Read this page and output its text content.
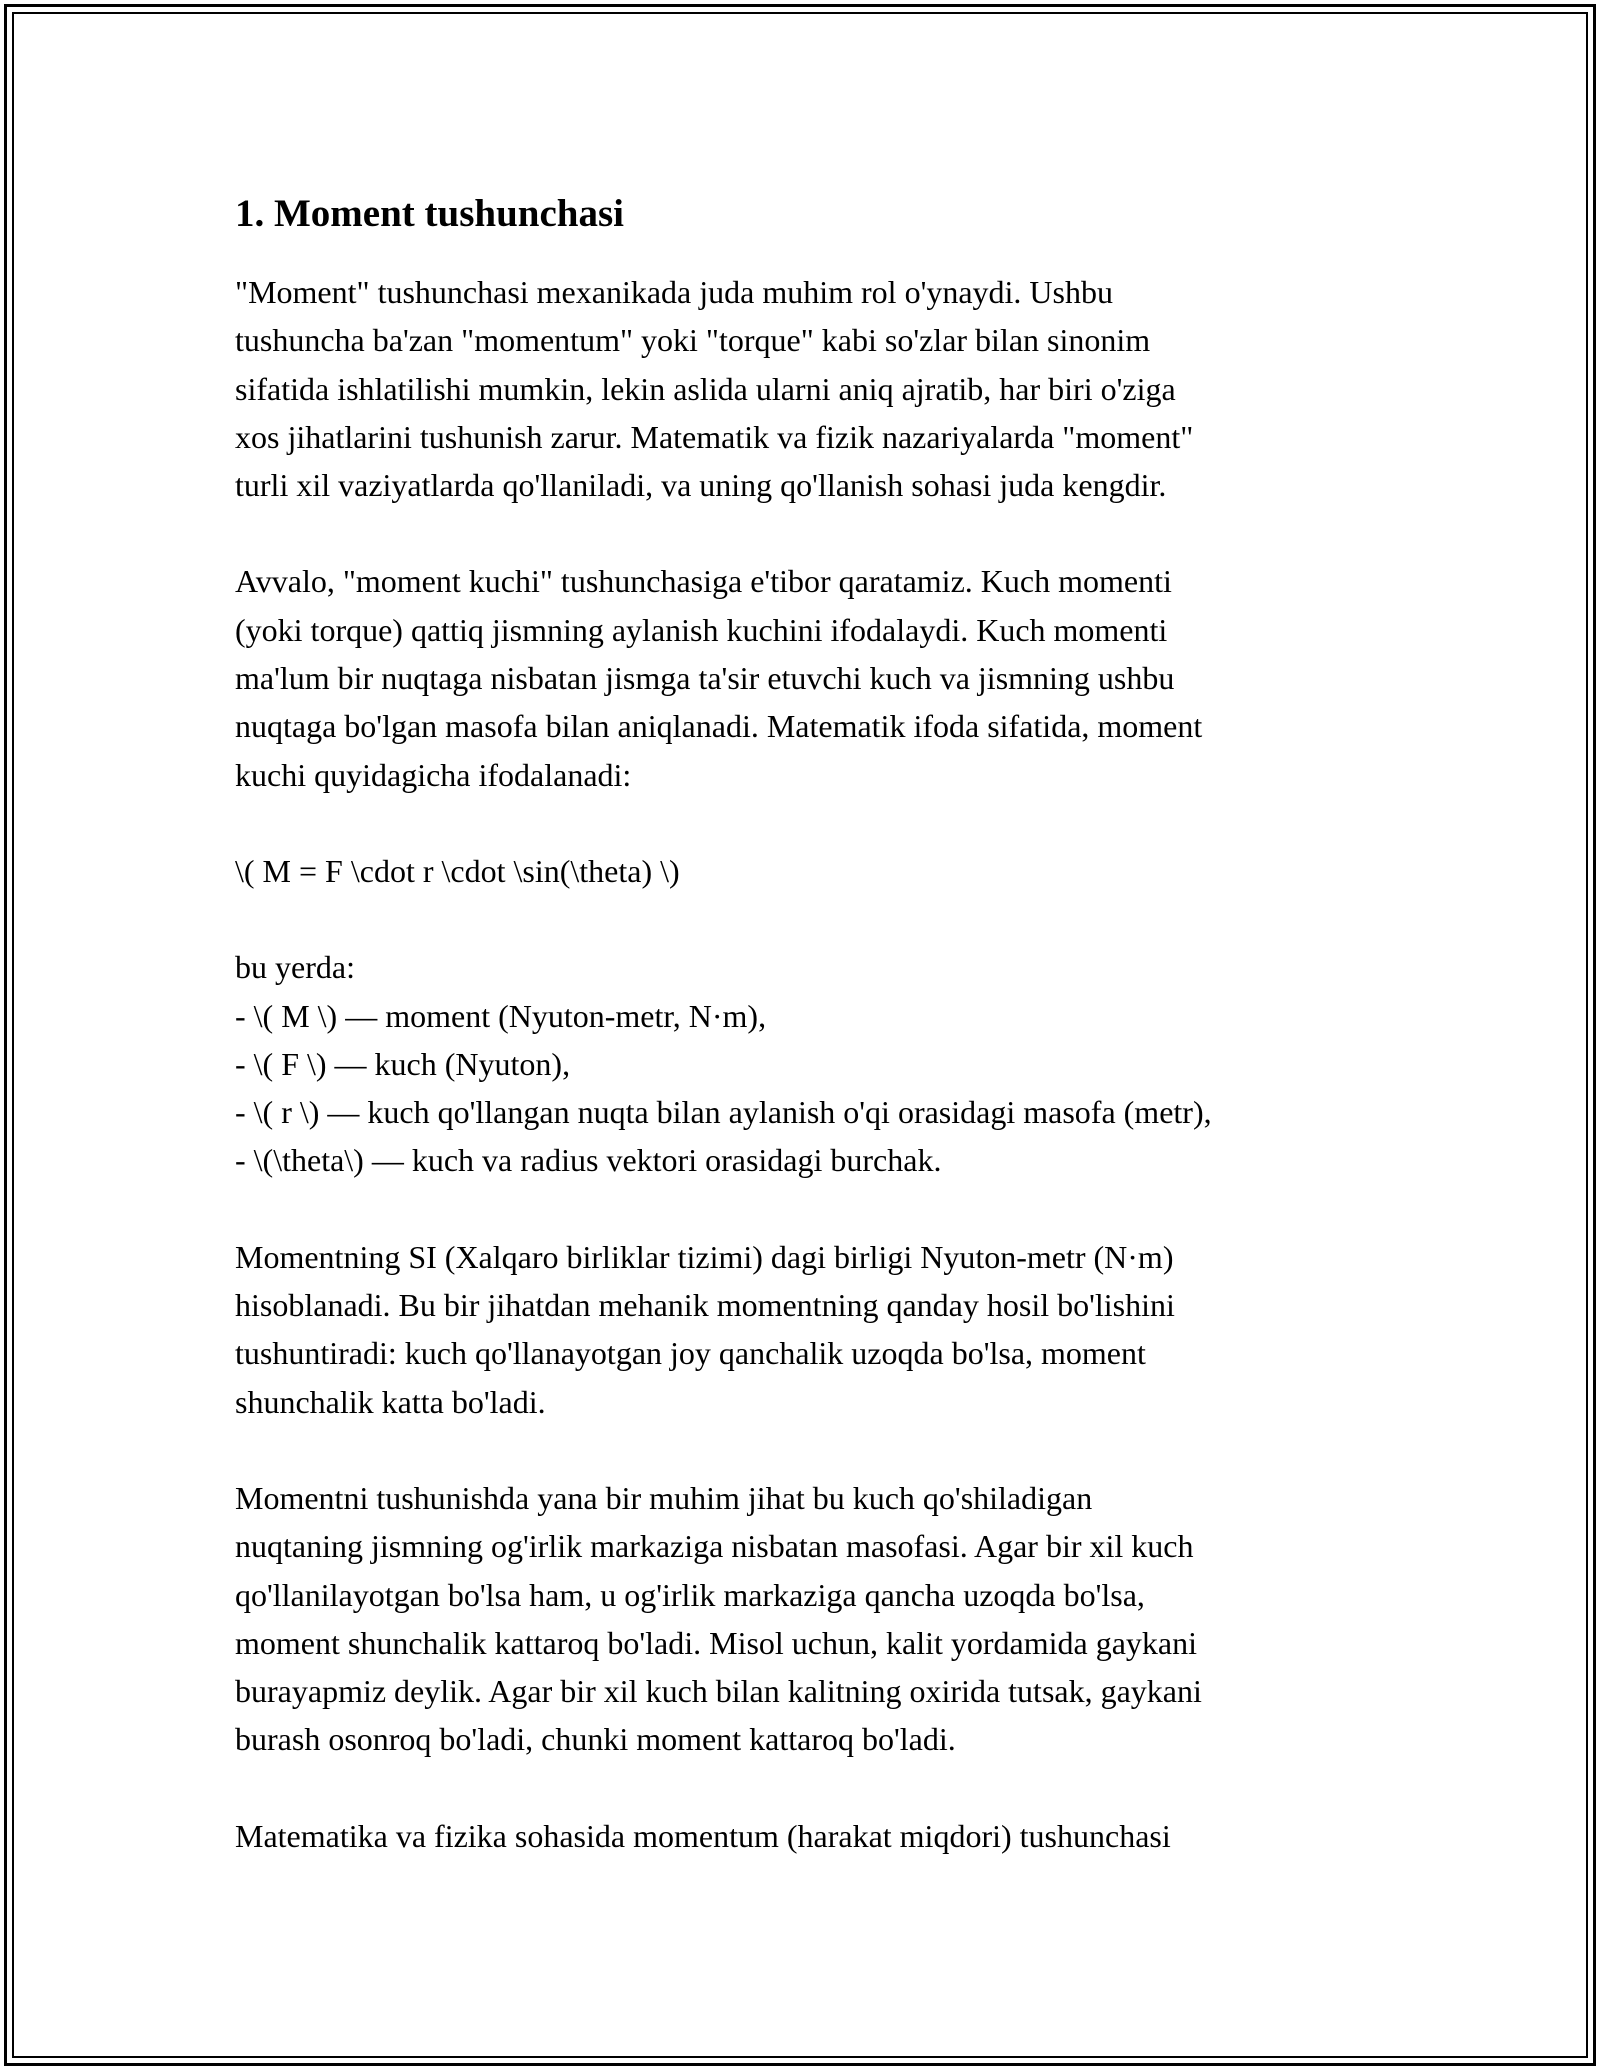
1. Moment tushunchasi

"Moment" tushunchasi mexanikada juda muhim rol o'ynaydi. Ushbu
tushuncha ba'zan "momentum" yoki "torque" kabi so'zlar bilan sinonim
sifatida ishlatilishi mumkin, lekin aslida ularni aniq ajratib, har biri o'ziga
xos jihatlarini tushunish zarur. Matematik va fizik nazariyalarda "moment"
turli xil vaziyatlarda qo'llaniladi, va uning qo'llanish sohasi juda kengdir.

Avvalo, "moment kuchi" tushunchasiga e'tibor qaratamiz. Kuch momenti
(yoki torque) qattiq jismning aylanish kuchini ifodalaydi. Kuch momenti
ma'lum bir nuqtaga nisbatan jismga ta'sir etuvchi kuch va jismning ushbu
nuqtaga bo'lgan masofa bilan aniqlanadi. Matematik ifoda sifatida, moment
kuchi quyidagicha ifodalanadi:

\( M = F \cdot r \cdot \sin(\theta) \)

bu yerda:
- \( M \) — moment (Nyuton-metr, N·m),
- \( F \) — kuch (Nyuton),
- \( r \) — kuch qo'llangan nuqta bilan aylanish o'qi orasidagi masofa (metr),
- \(\theta\) — kuch va radius vektori orasidagi burchak.

Momentning SI (Xalqaro birliklar tizimi) dagi birligi Nyuton-metr (N·m)
hisoblanadi. Bu bir jihatdan mehanik momentning qanday hosil bo'lishini
tushuntiradi: kuch qo'llanayotgan joy qanchalik uzoqda bo'lsa, moment
shunchalik katta bo'ladi.

Momentni tushunishda yana bir muhim jihat bu kuch qo'shiladigan
nuqtaning jismning og'irlik markaziga nisbatan masofasi. Agar bir xil kuch
qo'llanilayotgan bo'lsa ham, u og'irlik markaziga qancha uzoqda bo'lsa,
moment shunchalik kattaroq bo'ladi. Misol uchun, kalit yordamida gaykani
burayapmiz deylik. Agar bir xil kuch bilan kalitning oxirida tutsak, gaykani
burash osonroq bo'ladi, chunki moment kattaroq bo'ladi.

Matematika va fizika sohasida momentum (harakat miqdori) tushunchasi
